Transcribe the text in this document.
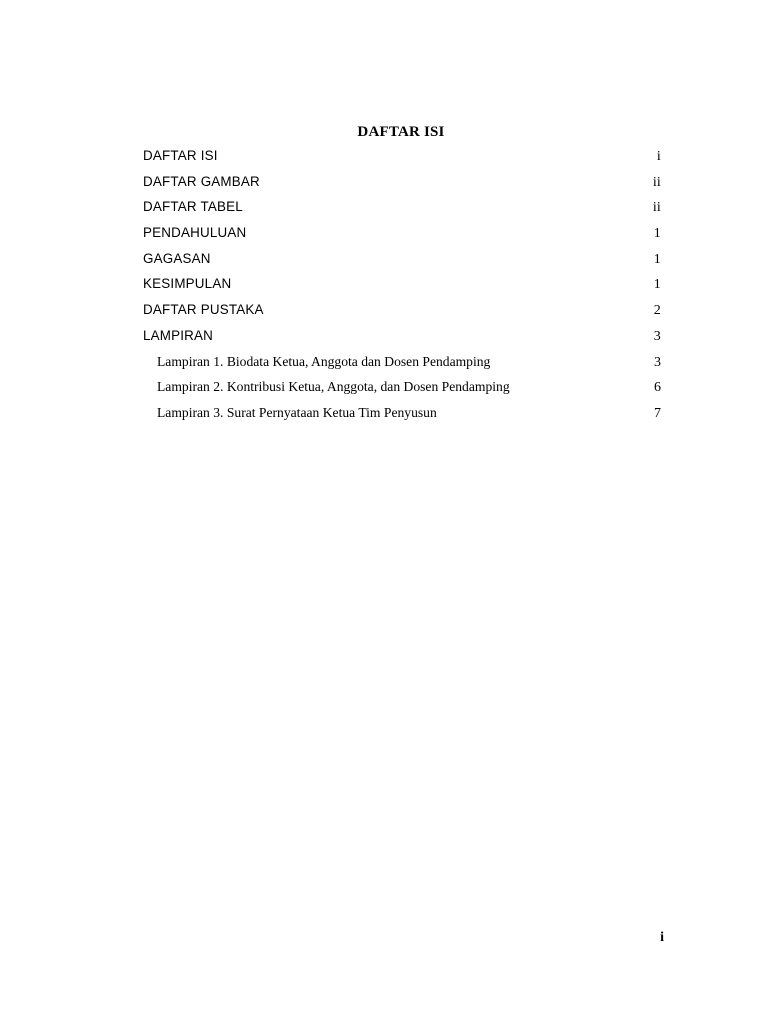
DAFTAR ISI
DAFTAR ISI	i
DAFTAR GAMBAR	ii
DAFTAR TABEL	ii
PENDAHULUAN	1
GAGASAN	1
KESIMPULAN	1
DAFTAR PUSTAKA	2
LAMPIRAN	3
Lampiran 1. Biodata Ketua, Anggota dan Dosen Pendamping	3
Lampiran 2. Kontribusi Ketua, Anggota, dan Dosen Pendamping	6
Lampiran 3. Surat Pernyataan Ketua Tim Penyusun	7
i
